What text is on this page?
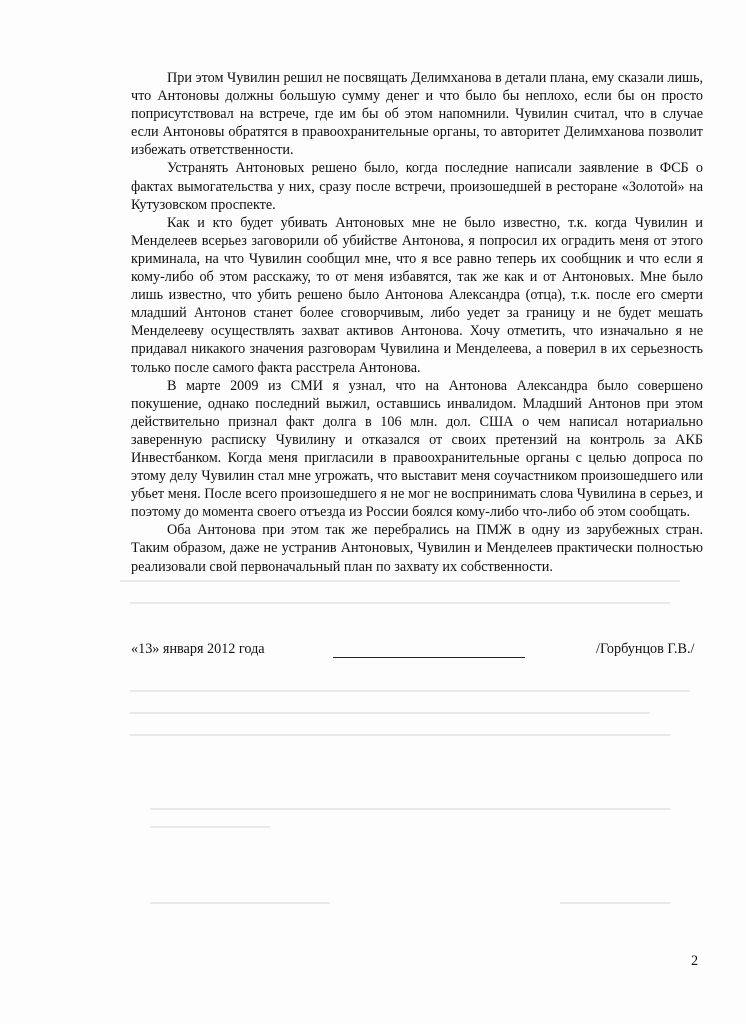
При этом Чувилин решил не посвящать Делимханова в детали плана, ему сказали лишь, что Антоновы должны большую сумму денег и что было бы неплохо, если бы он просто поприсутствовал на встрече, где им бы об этом напомнили. Чувилин считал, что в случае если Антоновы обратятся в правоохранительные органы, то авторитет Делимханова позволит избежать ответственности.

Устранять Антоновых решено было, когда последние написали заявление в ФСБ о фактах вымогательства у них, сразу после встречи, произошедшей в ресторане «Золотой» на Кутузовском проспекте.

Как и кто будет убивать Антоновых мне не было известно, т.к. когда Чувилин и Менделеев всерьез заговорили об убийстве Антонова, я попросил их оградить меня от этого криминала, на что Чувилин сообщил мне, что я все равно теперь их сообщник и что если я кому-либо об этом расскажу, то от меня избавятся, так же как и от Антоновых. Мне было лишь известно, что убить решено было Антонова Александра (отца), т.к. после его смерти младший Антонов станет более сговорчивым, либо уедет за границу и не будет мешать Менделееву осуществлять захват активов Антонова. Хочу отметить, что изначально я не придавал никакого значения разговорам Чувилина и Менделеева, а поверил в их серьезность только после самого факта расстрела Антонова.

В марте 2009 из СМИ я узнал, что на Антонова Александра было совершено покушение, однако последний выжил, оставшись инвалидом. Младший Антонов при этом действительно признал факт долга в 106 млн. дол. США о чем написал нотариально заверенную расписку Чувилину и отказался от своих претензий на контроль за АКБ Инвестбанком. Когда меня пригласили в правоохранительные органы с целью допроса по этому делу Чувилин стал мне угрожать, что выставит меня соучастником произошедшего или убьет меня. После всего произошедшего я не мог не воспринимать слова Чувилина в серьез, и поэтому до момента своего отъезда из России боялся кому-либо что-либо об этом сообщать.

Оба Антонова при этом так же перебрались на ПМЖ в одну из зарубежных стран. Таким образом, даже не устранив Антоновых, Чувилин и Менделеев практически полностью реализовали свой первоначальный план по захвату их собственности.

«13» января 2012 года	/Горбунцов Г.В./
2
